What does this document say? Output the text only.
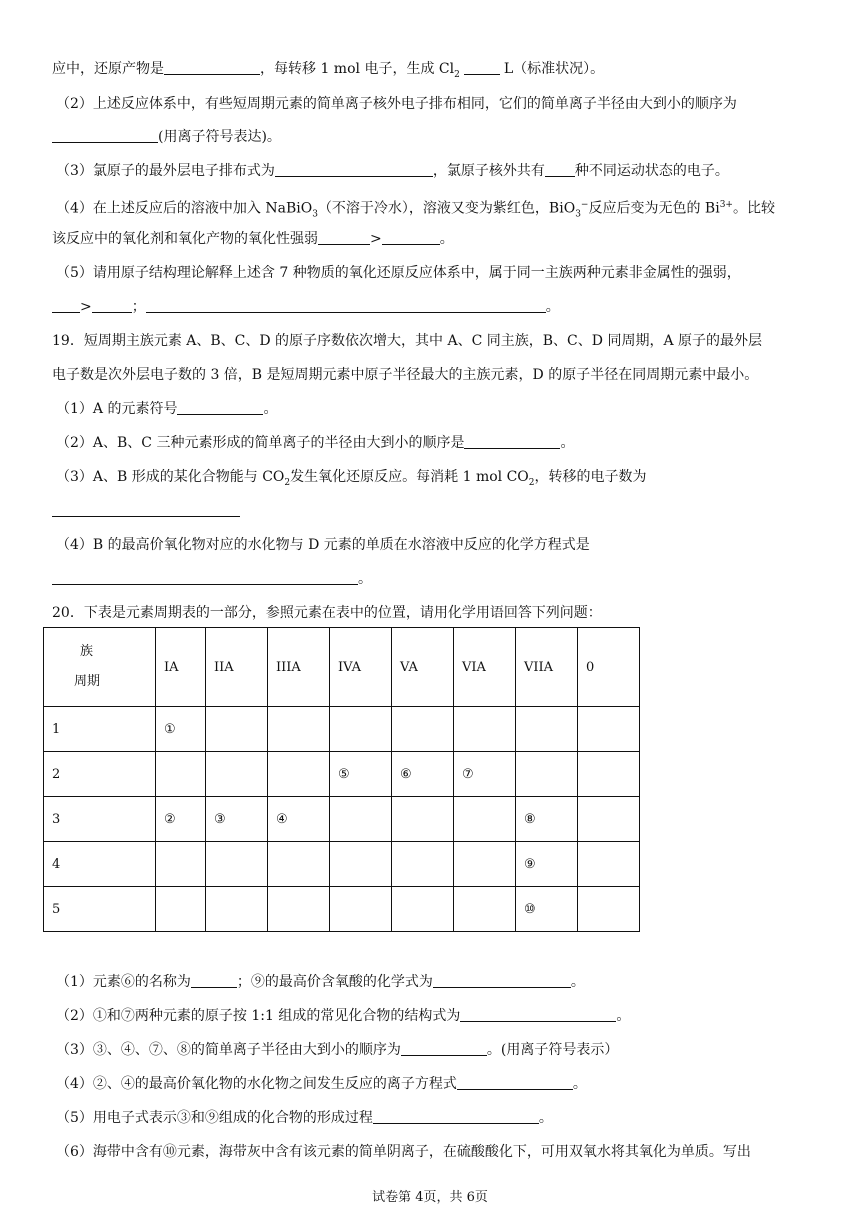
应中，还原产物是	，每转移 1 mol 电子，生成 $Cl_2$	L（标准状况）。
（2）上述反应体系中，有些短周期元素的简单离子核外电子排布相同，它们的简单离子半径由大到小的顺序为
(用离子符号表达)。
（3）氯原子的最外层电子排布式为	，氯原子核外共有 种不同运动状态的电子。
（4）在上述反应后的溶液中加入 NaBiO$_3$（不溶于冷水），溶液又变为紫红色，BiO$_3$−反应后变为无色的 $Bi^{3+}$。比较
该反应中的氧化剂和氧化产物的氧化性强弱	>	。
（5）请用原子结构理论解释上述含 7 种物质的氧化还原反应体系中，属于同一主族两种元素非金属性的强弱，
>	；	。
19．短周期主族元素 A、B、C、D 的原子序数依次增大，其中 A、C 同主族，B、C、D 同周期，A 原子的最外层
电子数是次外层电子数的 3 倍，B 是短周期元素中原子半径最大的主族元素，D 的原子半径在同周期元素中最小。
（1）A 的元素符号	。
（2）A、B、C 三种元素形成的简单离子的半径由大到小的顺序是	。
（3）A、B 形成的某化合物能与 $CO_2$发生氧化还原反应。每消耗 1 mol $CO_2$，转移的电子数为
（4）B 的最高价氧化物对应的水化物与 D 元素的单质在水溶液中反应的化学方程式是
。
20．下表是元素周期表的一部分，参照元素在表中的位置，请用化学用语回答下列问题：
族
周期	IA	IIA	IIIA	IVA	VA	VIA	VIIA	0
1	①							
2				⑤	⑥	⑦		
3	②	③	④				⑧	
4							⑨	
5							⑩	
（1）元素⑥的名称为	；⑨的最高价含氧酸的化学式为	。
（2）①和⑦两种元素的原子按 1:1 组成的常见化合物的结构式为	。
（3）③、④、⑦、⑧的简单离子半径由大到小的顺序为	。(用离子符号表示）
（4）②、④的最高价氧化物的水化物之间发生反应的离子方程式	。
（5）用电子式表示③和⑨组成的化合物的形成过程	。
（6）海带中含有⑩元素，海带灰中含有该元素的简单阴离子，在硫酸酸化下，可用双氧水将其氧化为单质。写出
试卷第 4页，共 6页
